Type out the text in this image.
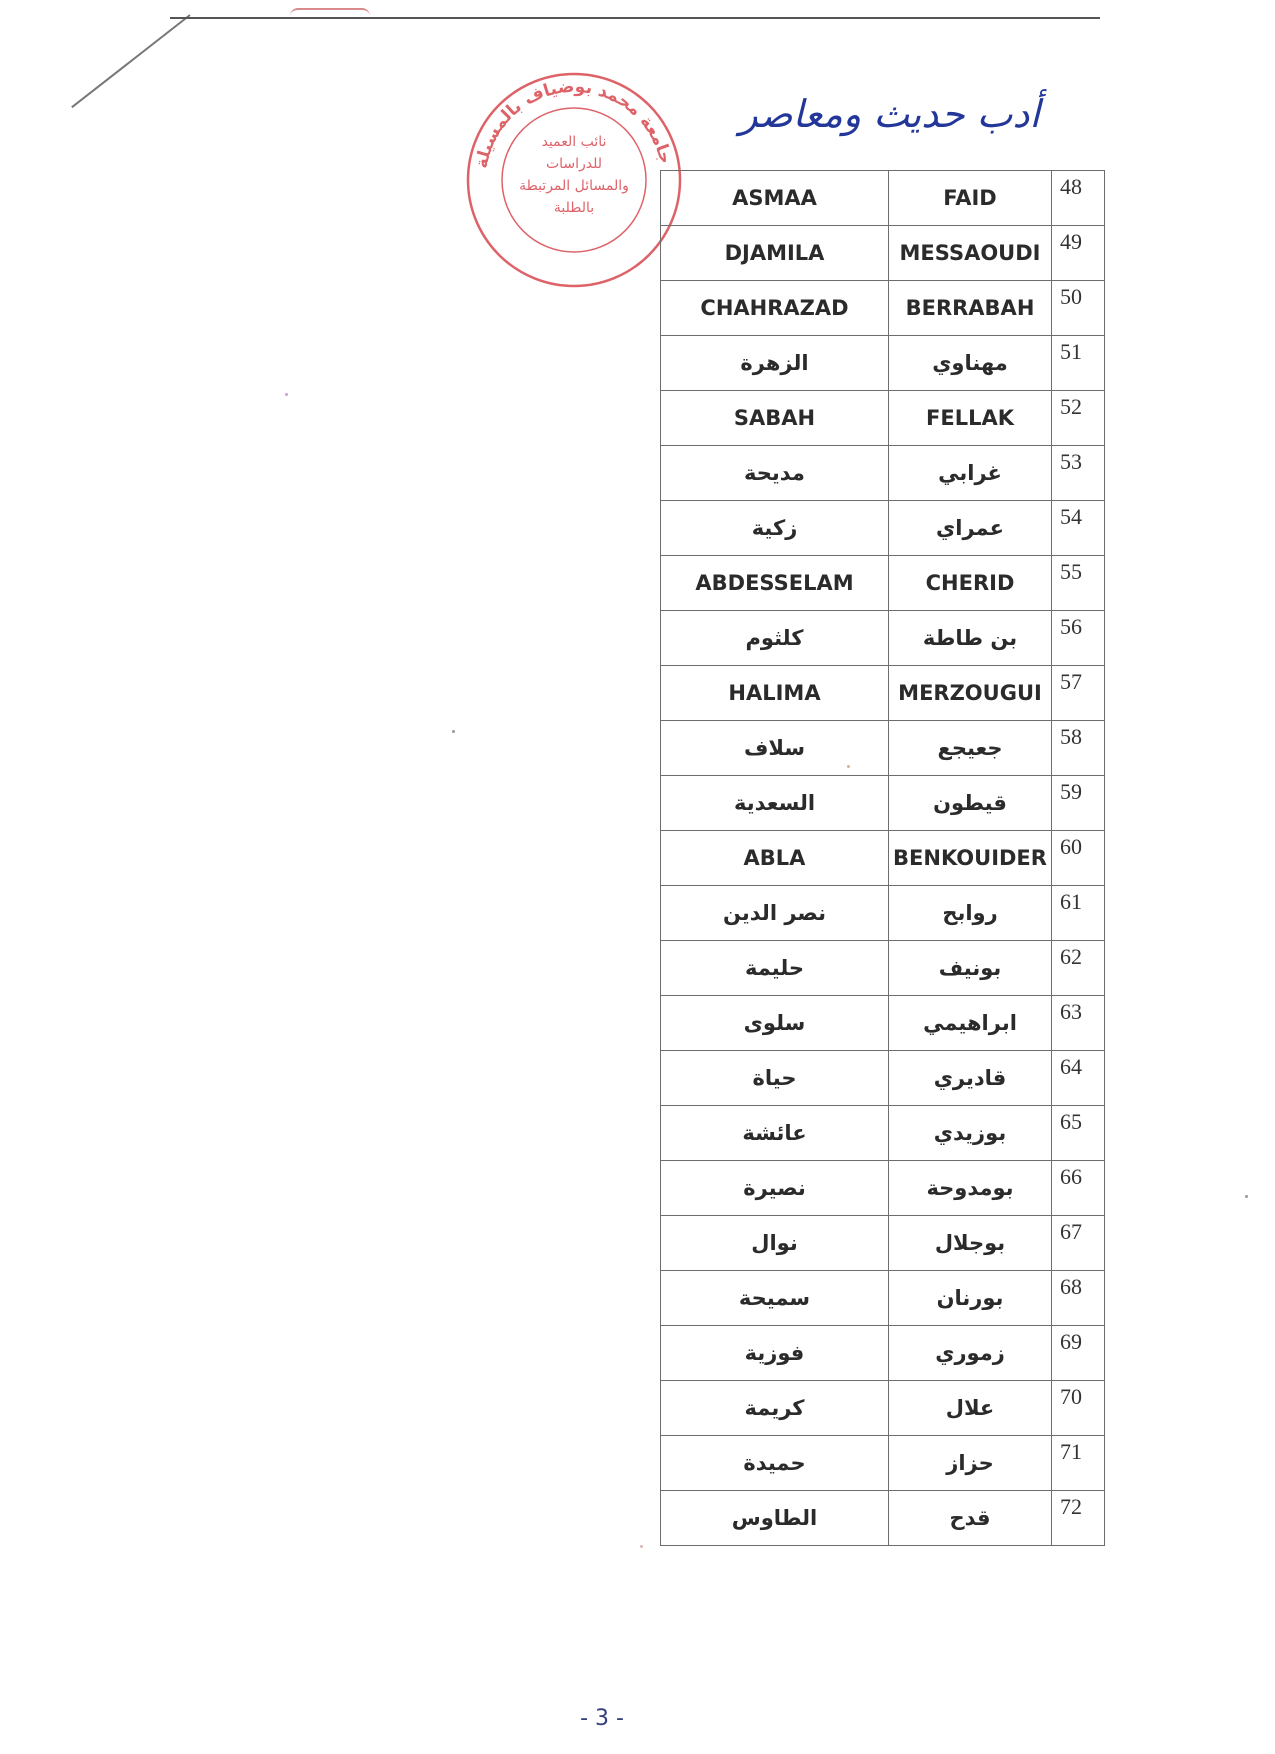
جامعة محمد بوضياف بالمسيلة
نائب العميد
للدراسات
والمسائل المرتبطة
بالطلبة
أدب حديث ومعاصر
ASMAA	FAID	48

DJAMILA	MESSAOUDI	49

CHAHRAZAD	BERRABAH	50

الزهرة	مهناوي	51

SABAH	FELLAK	52

مديحة	غرابي	53

زكية	عمراي	54

ABDESSELAM	CHERID	55

كلثوم	بن طاطة	56

HALIMA	MERZOUGUI	57

سلاف	جعيجع	58

السعدية	قيطون	59

ABLA	BENKOUIDER	60

نصر الدين	روابح	61

حليمة	بونيف	62

سلوى	ابراهيمي	63

حياة	قاديري	64

عائشة	بوزيدي	65

نصيرة	بومدوحة	66

نوال	بوجلال	67

سميحة	بورنان	68

فوزية	زموري	69

كريمة	علال	70

حميدة	حزاز	71

الطاوس	قدح	72
- 3 -
